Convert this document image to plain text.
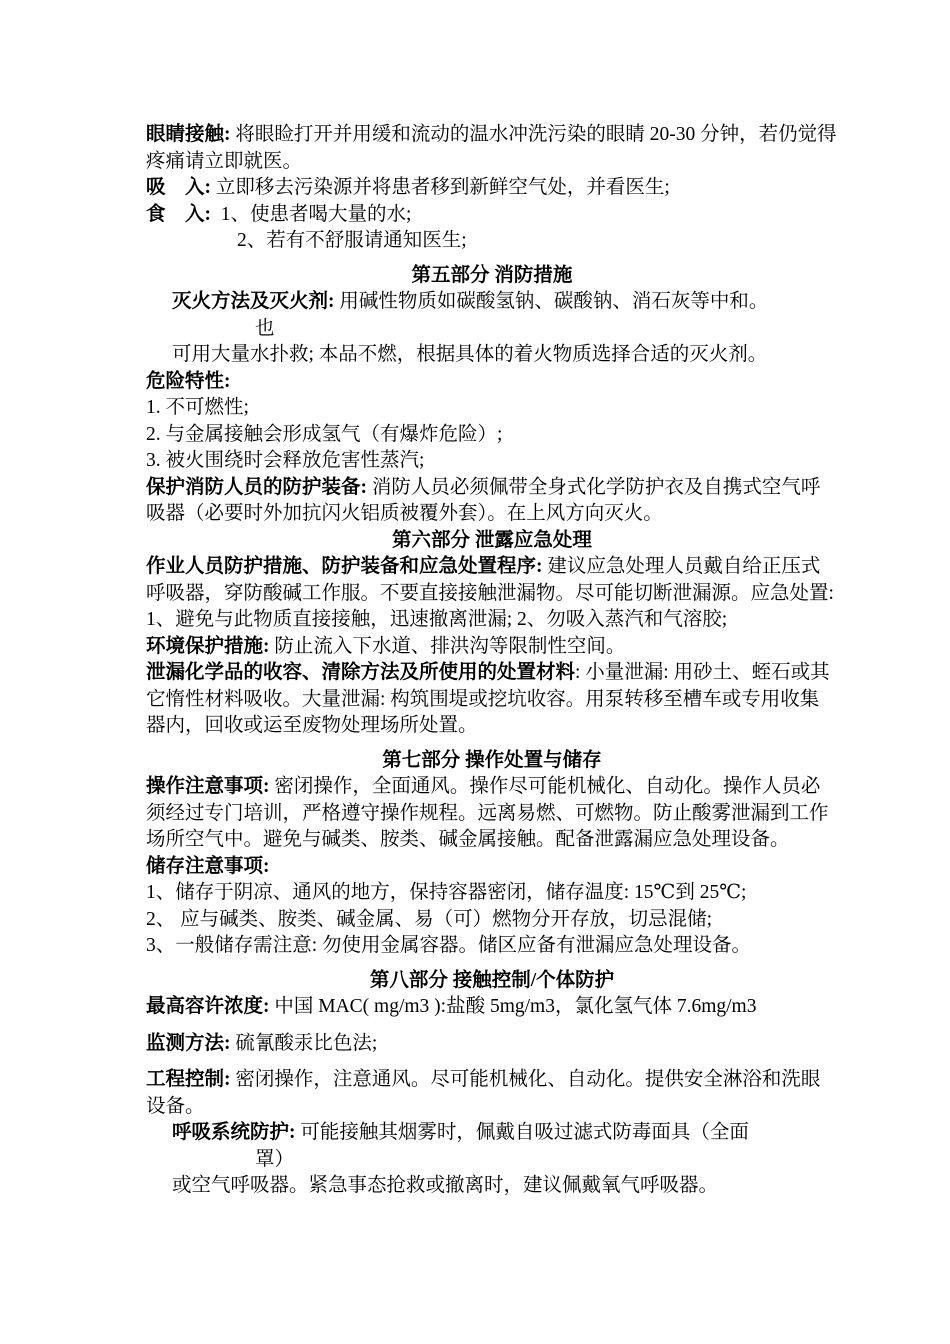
眼睛接触: 将眼睑打开并用缓和流动的温水冲洗污染的眼睛 20-30 分钟，若仍觉得疼痛请立即就医。

吸　入: 立即移去污染源并将患者移到新鲜空气处，并看医生;

食　入:  1、使患者喝大量的水;

2、若有不舒服请通知医生;

第五部分 消防措施

灭火方法及灭火剂: 用碱性物质如碳酸氢钠、碳酸钠、消石灰等中和。

也

可用大量水扑救; 本品不燃，根据具体的着火物质选择合适的灭火剂。

危险特性:

1. 不可燃性;

2. 与金属接触会形成氢气（有爆炸危险）;

3. 被火围绕时会释放危害性蒸汽;

保护消防人员的防护装备: 消防人员必须佩带全身式化学防护衣及自携式空气呼吸器（必要时外加抗闪火铝质被覆外套）。在上风方向灭火。

第六部分 泄露应急处理

作业人员防护措施、防护装备和应急处置程序: 建议应急处理人员戴自给正压式呼吸器，穿防酸碱工作服。不要直接接触泄漏物。尽可能切断泄漏源。应急处置: 1、避免与此物质直接接触，迅速撤离泄漏; 2、勿吸入蒸汽和气溶胶;

环境保护措施: 防止流入下水道、排洪沟等限制性空间。

泄漏化学品的收容、清除方法及所使用的处置材料: 小量泄漏: 用砂土、蛭石或其它惰性材料吸收。大量泄漏: 构筑围堤或挖坑收容。用泵转移至槽车或专用收集器内，回收或运至废物处理场所处置。

第七部分 操作处置与储存

操作注意事项: 密闭操作，全面通风。操作尽可能机械化、自动化。操作人员必须经过专门培训，严格遵守操作规程。远离易燃、可燃物。防止酸雾泄漏到工作场所空气中。避免与碱类、胺类、碱金属接触。配备泄露漏应急处理设备。

储存注意事项:

1、储存于阴凉、通风的地方，保持容器密闭，储存温度: 15℃到 25℃;

2、 应与碱类、胺类、碱金属、易（可）燃物分开存放，切忌混储;

3、一般储存需注意: 勿使用金属容器。储区应备有泄漏应急处理设备。

第八部分 接触控制/个体防护

最高容许浓度: 中国 MAC( mg/m3 ):盐酸 5mg/m3，氯化氢气体 7.6mg/m3

监测方法: 硫氰酸汞比色法;

工程控制: 密闭操作，注意通风。尽可能机械化、自动化。提供安全淋浴和洗眼设备。

呼吸系统防护: 可能接触其烟雾时，佩戴自吸过滤式防毒面具（全面

罩）

或空气呼吸器。紧急事态抢救或撤离时，建议佩戴氧气呼吸器。
